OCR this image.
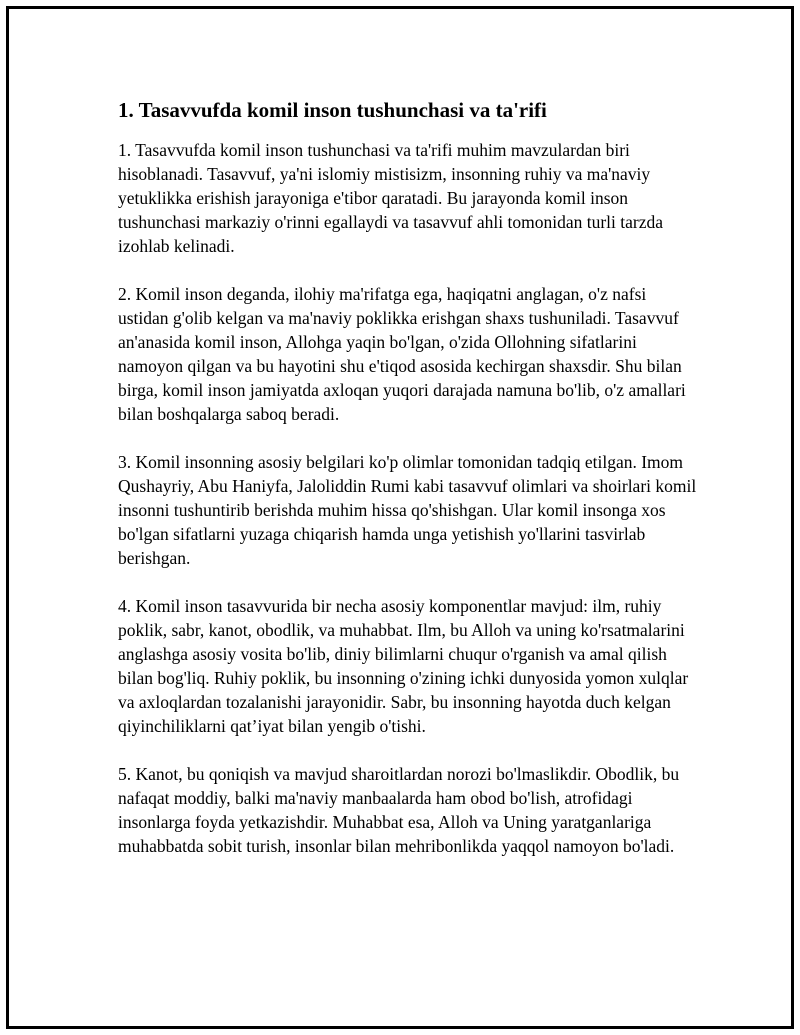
1. Tasavvufda komil inson tushunchasi va ta'rifi

1. Tasavvufda komil inson tushunchasi va ta'rifi muhim mavzulardan biri hisoblanadi. Tasavvuf, ya'ni islomiy mistisizm, insonning ruhiy va ma'naviy yetuklikka erishish jarayoniga e'tibor qaratadi. Bu jarayonda komil inson tushunchasi markaziy o'rinni egallaydi va tasavvuf ahli tomonidan turli tarzda izohlab kelinadi.

2. Komil inson deganda, ilohiy ma'rifatga ega, haqiqatni anglagan, o'z nafsi ustidan g'olib kelgan va ma'naviy poklikka erishgan shaxs tushuniladi. Tasavvuf an'anasida komil inson, Allohga yaqin bo'lgan, o'zida Ollohning sifatlarini namoyon qilgan va bu hayotini shu e'tiqod asosida kechirgan shaxsdir. Shu bilan birga, komil inson jamiyatda axloqan yuqori darajada namuna bo'lib, o'z amallari bilan boshqalarga saboq beradi.

3. Komil insonning asosiy belgilari ko'p olimlar tomonidan tadqiq etilgan. Imom Qushayriy, Abu Haniyfa, Jaloliddin Rumi kabi tasavvuf olimlari va shoirlari komil insonni tushuntirib berishda muhim hissa qo'shishgan. Ular komil insonga xos bo'lgan sifatlarni yuzaga chiqarish hamda unga yetishish yo'llarini tasvirlab berishgan.

4. Komil inson tasavvurida bir necha asosiy komponentlar mavjud: ilm, ruhiy poklik, sabr, kanot, obodlik, va muhabbat. Ilm, bu Alloh va uning ko'rsatmalarini anglashga asosiy vosita bo'lib, diniy bilimlarni chuqur o'rganish va amal qilish bilan bog'liq. Ruhiy poklik, bu insonning o'zining ichki dunyosida yomon xulqlar va axloqlardan tozalanishi jarayonidir. Sabr, bu insonning hayotda duch kelgan qiyinchiliklarni qat’iyat bilan yengib o'tishi.

5. Kanot, bu qoniqish va mavjud sharoitlardan norozi bo'lmaslikdir. Obodlik, bu nafaqat moddiy, balki ma'naviy manbaalarda ham obod bo'lish, atrofidagi insonlarga foyda yetkazishdir. Muhabbat esa, Alloh va Uning yaratganlariga muhabbatda sobit turish, insonlar bilan mehribonlikda yaqqol namoyon bo'ladi.
